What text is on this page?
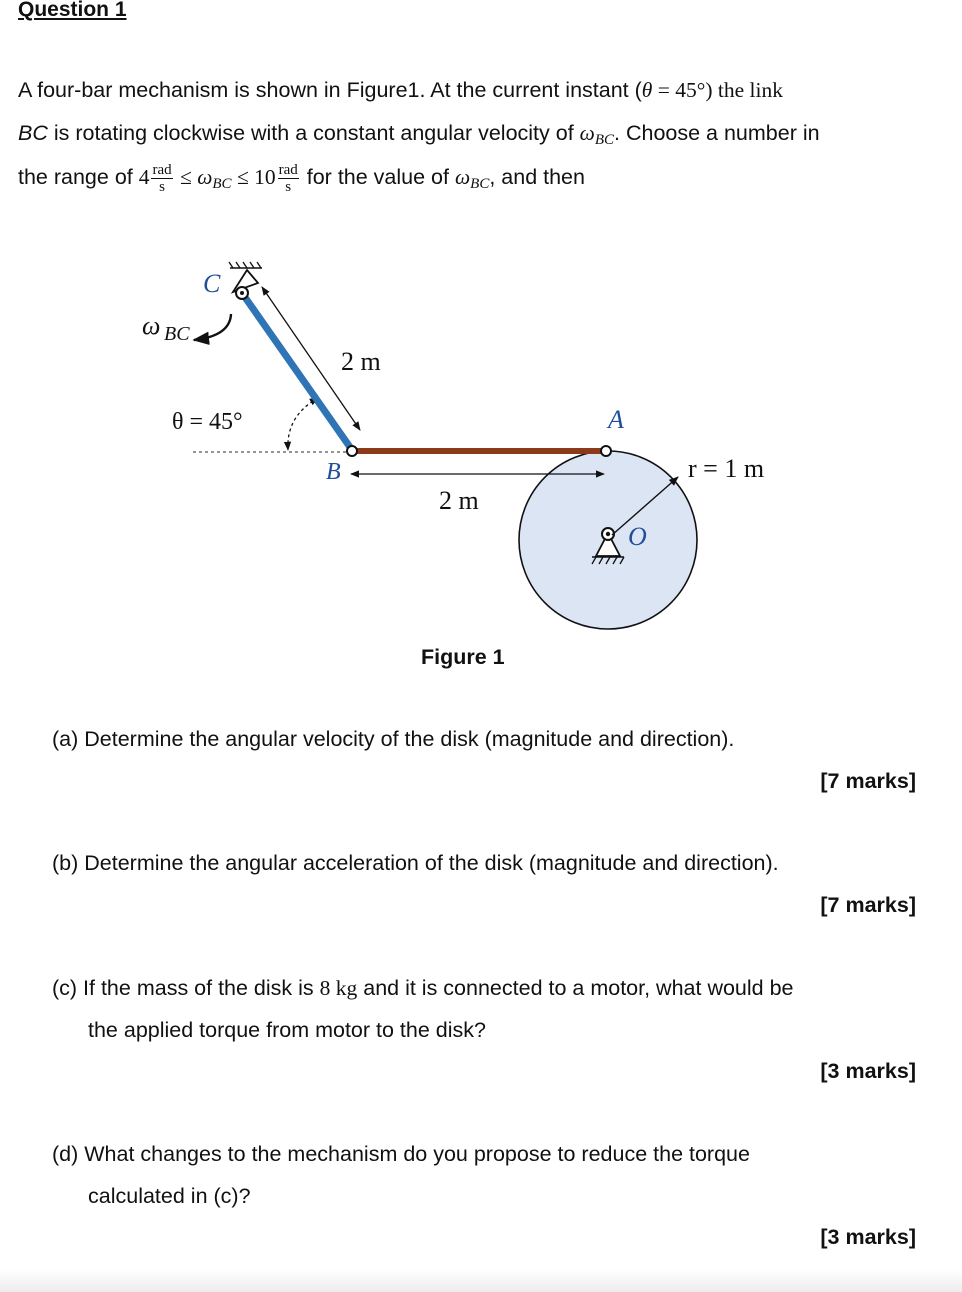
Question 1
A four-bar mechanism is shown in Figure1. At the current instant (θ = 45°) the link
BC is rotating clockwise with a constant angular velocity of $\omega_{BC}$. Choose a number in
the range of $4 \frac{\text{rad}}{s} \le \omega_{BC} \le 10 \frac{\text{rad}}{s}$ for the value of $\omega_{BC}$, and then
C
ω BC
2 m
θ = 45°	A
B
2 m
r = 1 m
O
Figure 1
(a) Determine the angular velocity of the disk (magnitude and direction).
[7 marks]
(b) Determine the angular acceleration of the disk (magnitude and direction).
[7 marks]
(c) If the mass of the disk is 8 kg and it is connected to a motor, what would be
the applied torque from motor to the disk?
[3 marks]
(d) What changes to the mechanism do you propose to reduce the torque
calculated in (c)?
[3 marks]
